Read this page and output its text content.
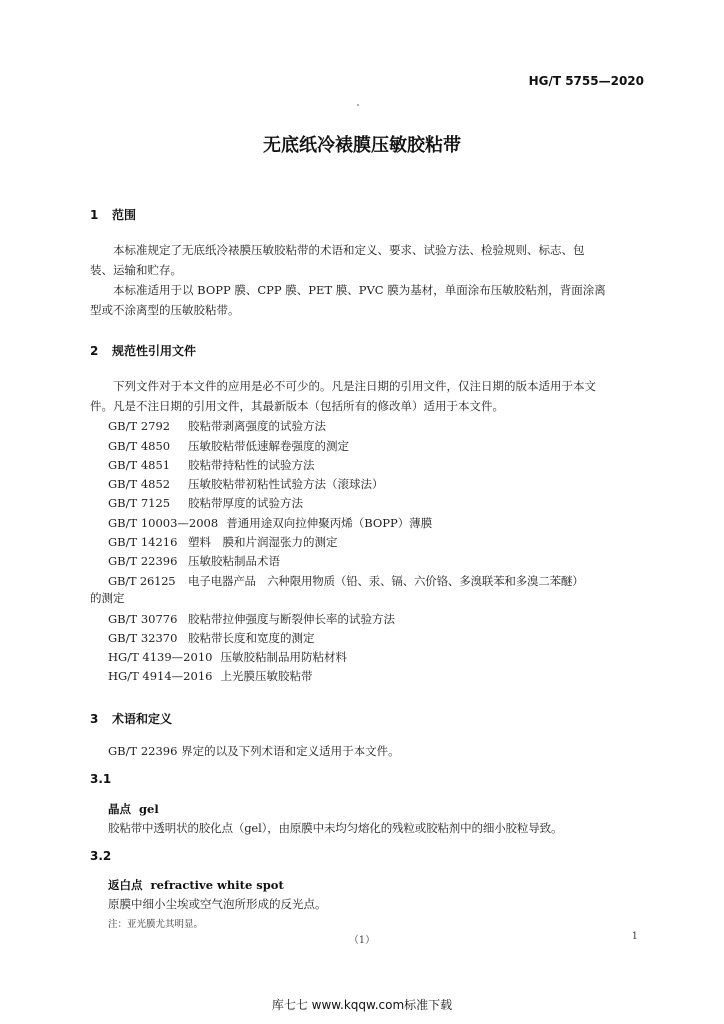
HG/T 5755—2020
无底纸冷裱膜压敏胶粘带
1 范围
本标准规定了无底纸冷裱膜压敏胶粘带的术语和定义、要求、试验方法、检验规则、标志、包
装、运输和贮存。
本标准适用于以 BOPP 膜、CPP 膜、PET 膜、PVC 膜为基材，单面涂布压敏胶粘剂，背面涂离
型或不涂离型的压敏胶粘带。
2 规范性引用文件
下列文件对于本文件的应用是必不可少的。凡是注日期的引用文件，仅注日期的版本适用于本文
件。凡是不注日期的引用文件，其最新版本（包括所有的修改单）适用于本文件。
GB/T 2792 胶粘带剥离强度的试验方法
GB/T 4850 压敏胶粘带低速解卷强度的测定
GB/T 4851 胶粘带持粘性的试验方法
GB/T 4852 压敏胶粘带初粘性试验方法（滚球法）
GB/T 7125 胶粘带厚度的试验方法
GB/T 10003—2008 普通用途双向拉伸聚丙烯（BOPP）薄膜
GB/T 14216 塑料　膜和片润湿张力的测定
GB/T 22396 压敏胶粘制品术语
GB/T 26125 电子电器产品　六种限用物质（铅、汞、镉、六价铬、多溴联苯和多溴二苯醚）
的测定
GB/T 30776 胶粘带拉伸强度与断裂伸长率的试验方法
GB/T 32370 胶粘带长度和宽度的测定
HG/T 4139—2010 压敏胶粘制品用防粘材料
HG/T 4914—2016 上光膜压敏胶粘带
3 术语和定义
GB/T 22396 界定的以及下列术语和定义适用于本文件。
3.1
晶点 gel
胶粘带中透明状的胶化点（gel），由原膜中未均匀熔化的残粒或胶粘剂中的细小胶粒导致。
3.2
返白点 refractive white spot
原膜中细小尘埃或空气泡所形成的反光点。
注：亚光膜尤其明显。
（1）	1
库七七 www.kqqw.com标准下载
